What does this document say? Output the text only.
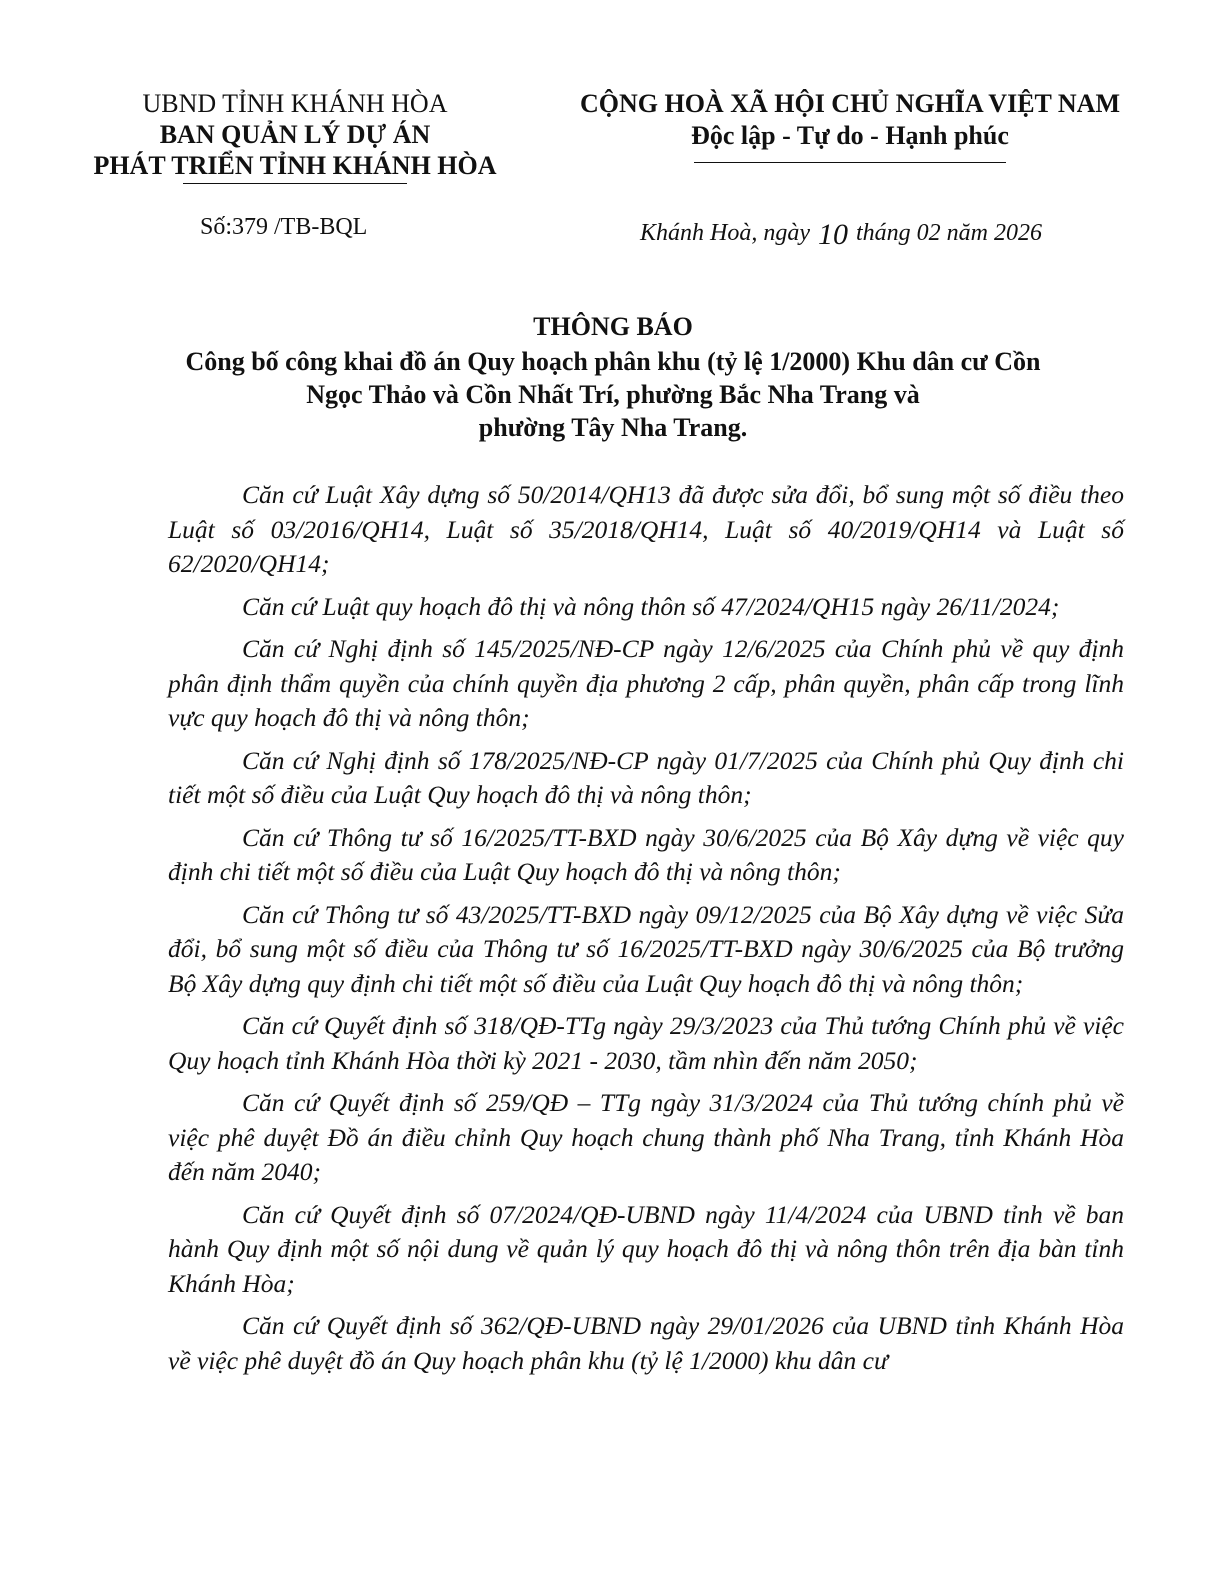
UBND TỈNH KHÁNH HÒA
BAN QUẢN LÝ DỰ ÁN
PHÁT TRIỂN TỈNH KHÁNH HÒA
CỘNG HOÀ XÃ HỘI CHỦ NGHĨA VIỆT NAM
Độc lập - Tự do - Hạnh phúc
Số:379 /TB-BQL	Khánh Hoà, ngày 10 tháng 02 năm 2026
THÔNG BÁO
Công bố công khai đồ án Quy hoạch phân khu (tỷ lệ 1/2000) Khu dân cư Cồn
Ngọc Thảo và Cồn Nhất Trí, phường Bắc Nha Trang và
phường Tây Nha Trang.

Căn cứ Luật Xây dựng số 50/2014/QH13 đã được sửa đổi, bổ sung một số điều theo Luật số 03/2016/QH14, Luật số 35/2018/QH14, Luật số 40/2019/QH14 và Luật số 62/2020/QH14;

Căn cứ Luật quy hoạch đô thị và nông thôn số 47/2024/QH15 ngày 26/11/2024;

Căn cứ Nghị định số 145/2025/NĐ-CP ngày 12/6/2025 của Chính phủ về quy định phân định thẩm quyền của chính quyền địa phương 2 cấp, phân quyền, phân cấp trong lĩnh vực quy hoạch đô thị và nông thôn;

Căn cứ Nghị định số 178/2025/NĐ-CP ngày 01/7/2025 của Chính phủ Quy định chi tiết một số điều của Luật Quy hoạch đô thị và nông thôn;

Căn cứ Thông tư số 16/2025/TT-BXD ngày 30/6/2025 của Bộ Xây dựng về việc quy định chi tiết một số điều của Luật Quy hoạch đô thị và nông thôn;

Căn cứ Thông tư số 43/2025/TT-BXD ngày 09/12/2025 của Bộ Xây dựng về việc Sửa đổi, bổ sung một số điều của Thông tư số 16/2025/TT-BXD ngày 30/6/2025 của Bộ trưởng Bộ Xây dựng quy định chi tiết một số điều của Luật Quy hoạch đô thị và nông thôn;

Căn cứ Quyết định số 318/QĐ-TTg ngày 29/3/2023 của Thủ tướng Chính phủ về việc Quy hoạch tỉnh Khánh Hòa thời kỳ 2021 - 2030, tầm nhìn đến năm 2050;

Căn cứ Quyết định số 259/QĐ – TTg ngày 31/3/2024 của Thủ tướng chính phủ về việc phê duyệt Đồ án điều chỉnh Quy hoạch chung thành phố Nha Trang, tỉnh Khánh Hòa đến năm 2040;

Căn cứ Quyết định số 07/2024/QĐ-UBND ngày 11/4/2024 của UBND tỉnh về ban hành Quy định một số nội dung về quản lý quy hoạch đô thị và nông thôn trên địa bàn tỉnh Khánh Hòa;

Căn cứ Quyết định số 362/QĐ-UBND ngày 29/01/2026 của UBND tỉnh Khánh Hòa về việc phê duyệt đồ án Quy hoạch phân khu (tỷ lệ 1/2000) khu dân cư
